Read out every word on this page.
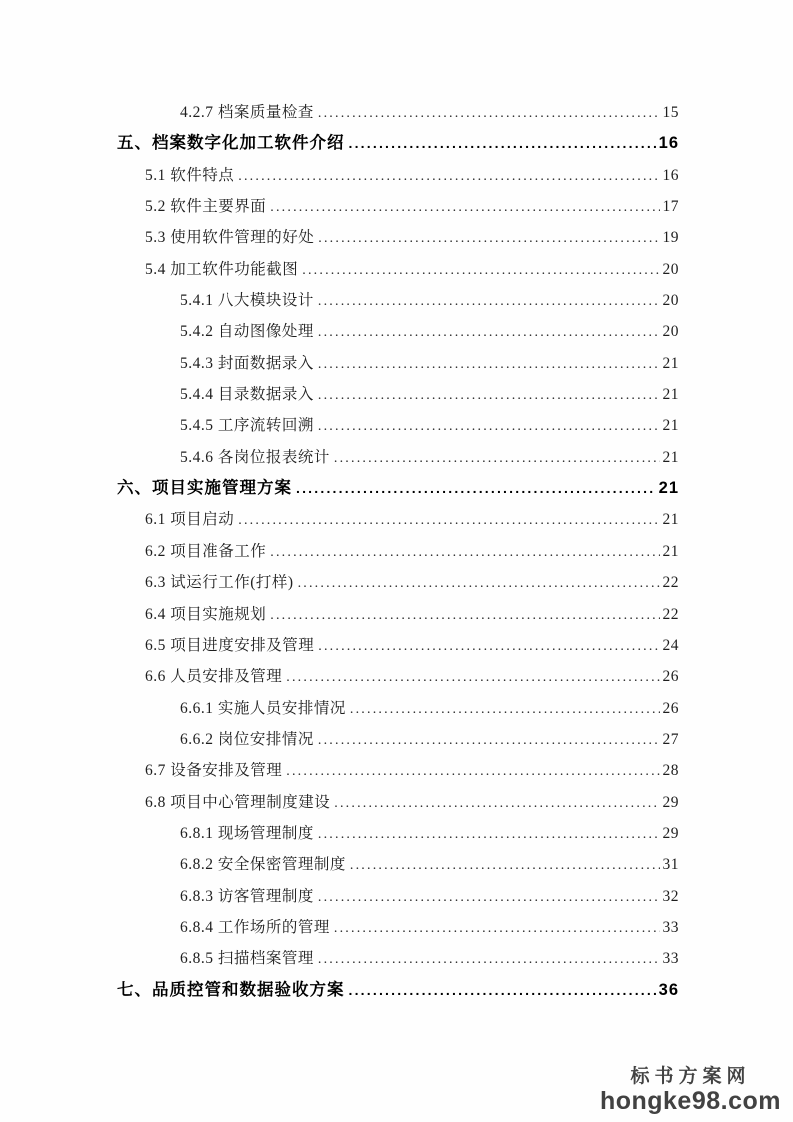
4.2.7 档案质量检查 .....	15
五、档案数字化加工软件介绍 .....	16
5.1 软件特点 .....	16
5.2 软件主要界面 .....	17
5.3 使用软件管理的好处 .....	19
5.4 加工软件功能截图 .....	20
5.4.1 八大模块设计 .....	20
5.4.2 自动图像处理 .....	20
5.4.3 封面数据录入 .....	21
5.4.4 目录数据录入 .....	21
5.4.5 工序流转回溯 .....	21
5.4.6 各岗位报表统计 .....	21
六、项目实施管理方案 .....	21
6.1 项目启动 .....	21
6.2 项目准备工作 .....	21
6.3 试运行工作(打样) .....	22
6.4 项目实施规划 .....	22
6.5 项目进度安排及管理 .....	24
6.6 人员安排及管理 .....	26
6.6.1 实施人员安排情况 .....	26
6.6.2 岗位安排情况 .....	27
6.7 设备安排及管理 .....	28
6.8 项目中心管理制度建设 .....	29
6.8.1 现场管理制度 .....	29
6.8.2 安全保密管理制度 .....	31
6.8.3 访客管理制度 .....	32
6.8.4 工作场所的管理 .....	33
6.8.5 扫描档案管理 .....	33
七、品质控管和数据验收方案 .....	36
标书方案网
hongke98.com
